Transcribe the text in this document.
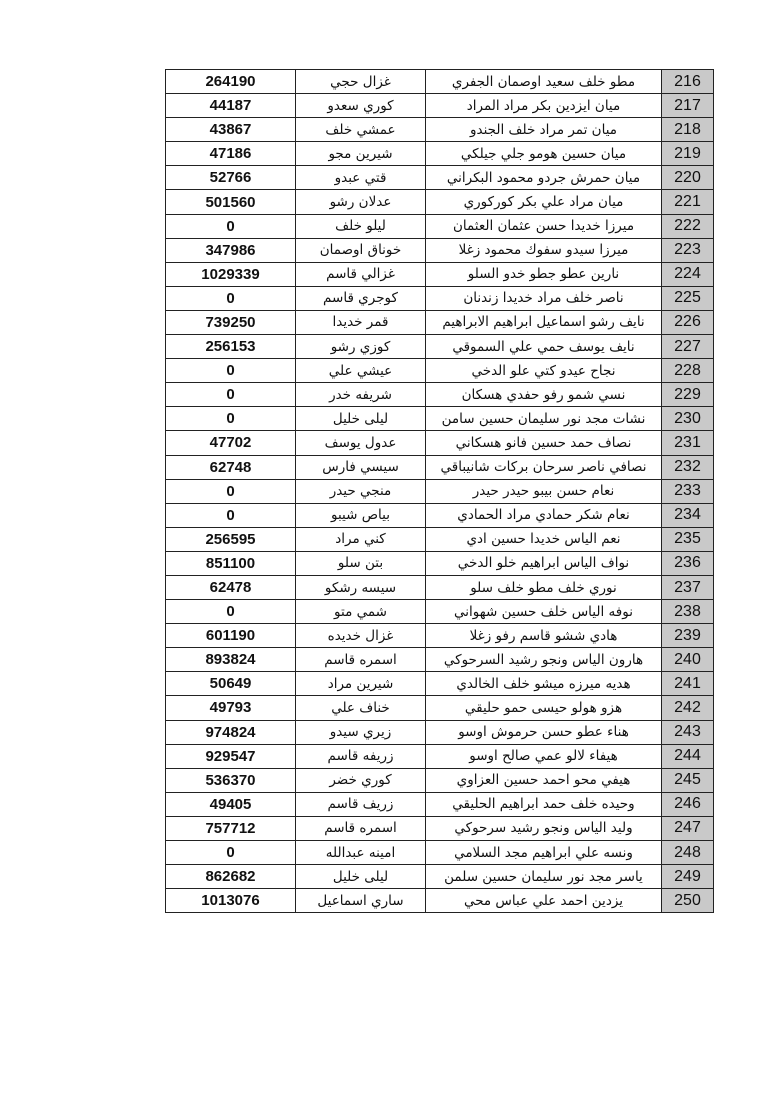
264190	غزال حجي	مطو خلف سعيد اوصمان الجفري	216
44187	كوري سعدو	ميان ايزدين بكر مراد المراد	217
43867	عمشي خلف	ميان تمر مراد خلف الجندو	218
47186	شيرين مجو	ميان حسين هومو جلي جيلكي	219
52766	قتي عبدو	ميان حمرش جردو محمود البكراني	220
501560	عدلان رشو	ميان مراد علي بكر كوركوري	221
0	ليلو خلف	ميرزا خديدا حسن عثمان العثمان	222
347986	خوناق اوصمان	ميرزا سيدو سفوك محمود زغلا	223
1029339	غزالي قاسم	نارين عطو جطو خدو السلو	224
0	كوجري قاسم	ناصر خلف مراد خديدا زندنان	225
739250	قمر خديدا	نايف رشو اسماعيل ابراهيم الابراهيم	226
256153	كوزي رشو	نايف يوسف حمي علي السموقي	227
0	عيشي علي	نجاح عيدو كتي علو الدخي	228
0	شريفه خدر	نسي شمو رفو حفدي هسكان	229
0	ليلى خليل	نشات مجد نور سليمان حسين سامن	230
47702	عدول يوسف	نصاف حمد حسين فانو هسكاني	231
62748	سيسي فارس	نصافي ناصر سرحان بركات شانيباقي	232
0	منجي حيدر	نعام حسن بيبو حيدر حيدر	233
0	بياص شيبو	نعام شكر حمادي مراد الحمادي	234
256595	كني مراد	نعم الياس خديدا حسين ادي	235
851100	بتن سلو	نواف الياس ابراهيم خلو الدخي	236
62478	سيسه رشكو	نوري خلف مطو خلف سلو	237
0	شمي متو	نوفه الياس خلف حسين شهواني	238
601190	غزال خديده	هادي ششو قاسم رفو زغلا	239
893824	اسمره قاسم	هارون الياس ونجو رشيد السرحوكي	240
50649	شيرين مراد	هديه ميرزه ميشو خلف الخالدي	241
49793	خناف علي	هزو هولو حيسى حمو حليقي	242
974824	زيري سيدو	هناء عطو حسن حرموش اوسو	243
929547	زريفه قاسم	هيفاء لالو عمي صالح اوسو	244
536370	كوري خضر	هيفي محو احمد حسين العزاوي	245
49405	زريف قاسم	وحيده خلف حمد ابراهيم الحليقي	246
757712	اسمره قاسم	وليد الياس ونجو رشيد سرحوكي	247
0	امينه عبدالله	ونسه علي ابراهيم مجد السلامي	248
862682	ليلى خليل	ياسر مجد نور سليمان حسين سلمن	249
1013076	ساري اسماعيل	يزدين احمد علي عباس محي	250
